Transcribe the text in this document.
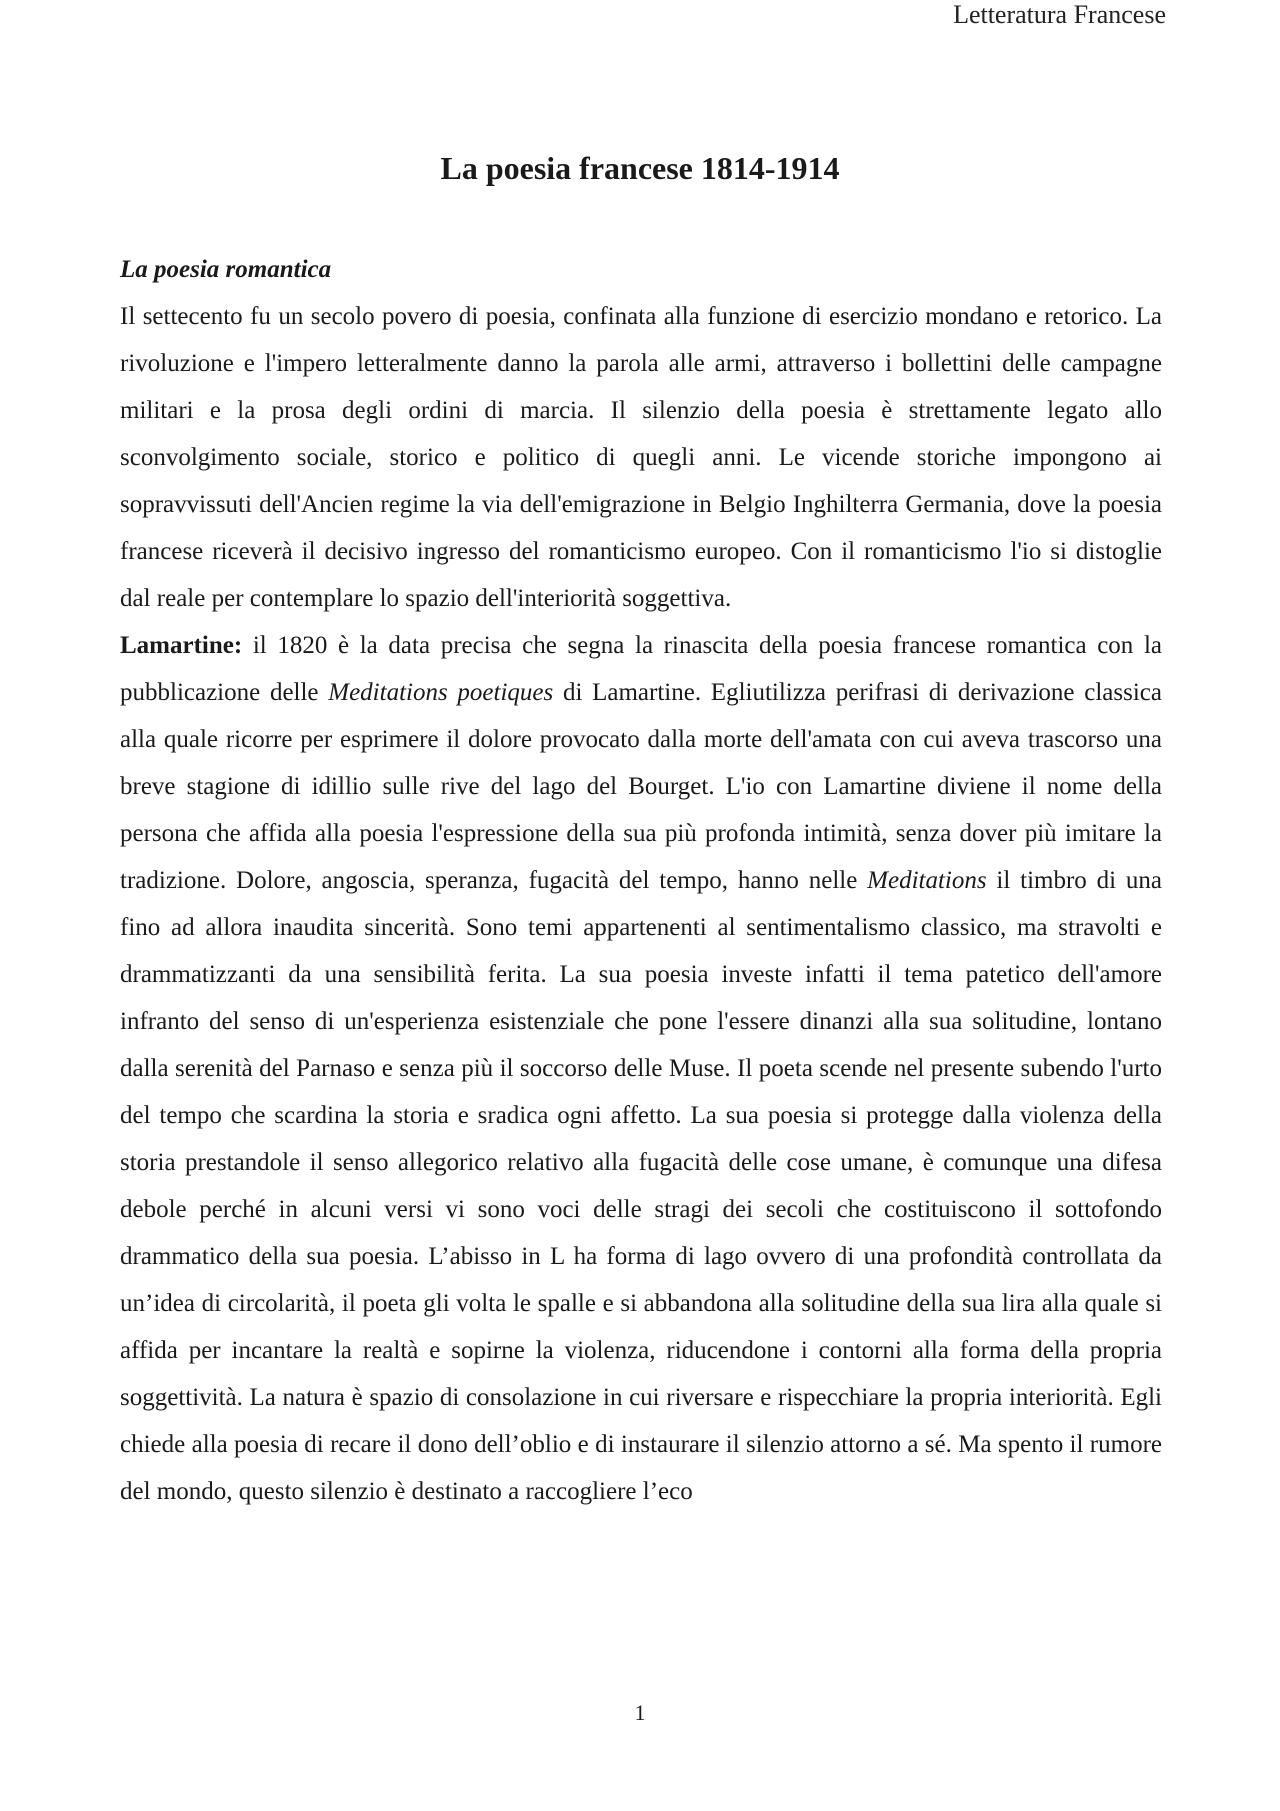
Letteratura Francese
La poesia francese 1814-1914

La poesia romantica

Il settecento fu un secolo povero di poesia, confinata alla funzione di esercizio mondano e retorico. La rivoluzione e l'impero letteralmente danno la parola alle armi, attraverso i bollettini delle campagne militari e la prosa degli ordini di marcia. Il silenzio della poesia è strettamente legato allo sconvolgimento sociale, storico e politico di quegli anni. Le vicende storiche impongono ai sopravvissuti dell'Ancien regime la via dell'emigrazione in Belgio Inghilterra Germania, dove la poesia francese riceverà il decisivo ingresso del romanticismo europeo. Con il romanticismo l'io si distoglie dal reale per contemplare lo spazio dell'interiorità soggettiva.

Lamartine: il 1820 è la data precisa che segna la rinascita della poesia francese romantica con la pubblicazione delle Meditations poetiques di Lamartine. Egliutilizza perifrasi di derivazione classica alla quale ricorre per esprimere il dolore provocato dalla morte dell'amata con cui aveva trascorso una breve stagione di idillio sulle rive del lago del Bourget. L'io con Lamartine diviene il nome della persona che affida alla poesia l'espressione della sua più profonda intimità, senza dover più imitare la tradizione. Dolore, angoscia, speranza, fugacità del tempo, hanno nelle Meditations il timbro di una fino ad allora inaudita sincerità. Sono temi appartenenti al sentimentalismo classico, ma stravolti e drammatizzanti da una sensibilità ferita. La sua poesia investe infatti il tema patetico dell'amore infranto del senso di un'esperienza esistenziale che pone l'essere dinanzi alla sua solitudine, lontano dalla serenità del Parnaso e senza più il soccorso delle Muse. Il poeta scende nel presente subendo l'urto del tempo che scardina la storia e sradica ogni affetto. La sua poesia si protegge dalla violenza della storia prestandole il senso allegorico relativo alla fugacità delle cose umane, è comunque una difesa debole perché in alcuni versi vi sono voci delle stragi dei secoli che costituiscono il sottofondo drammatico della sua poesia. L’abisso in L ha forma di lago ovvero di una profondità controllata da un’idea di circolarità, il poeta gli volta le spalle e si abbandona alla solitudine della sua lira alla quale si affida per incantare la realtà e sopirne la violenza, riducendone i contorni alla forma della propria soggettività. La natura è spazio di consolazione in cui riversare e rispecchiare la propria interiorità. Egli chiede alla poesia di recare il dono dell’oblio e di instaurare il silenzio attorno a sé. Ma spento il rumore del mondo, questo silenzio è destinato a raccogliere l’eco

1
